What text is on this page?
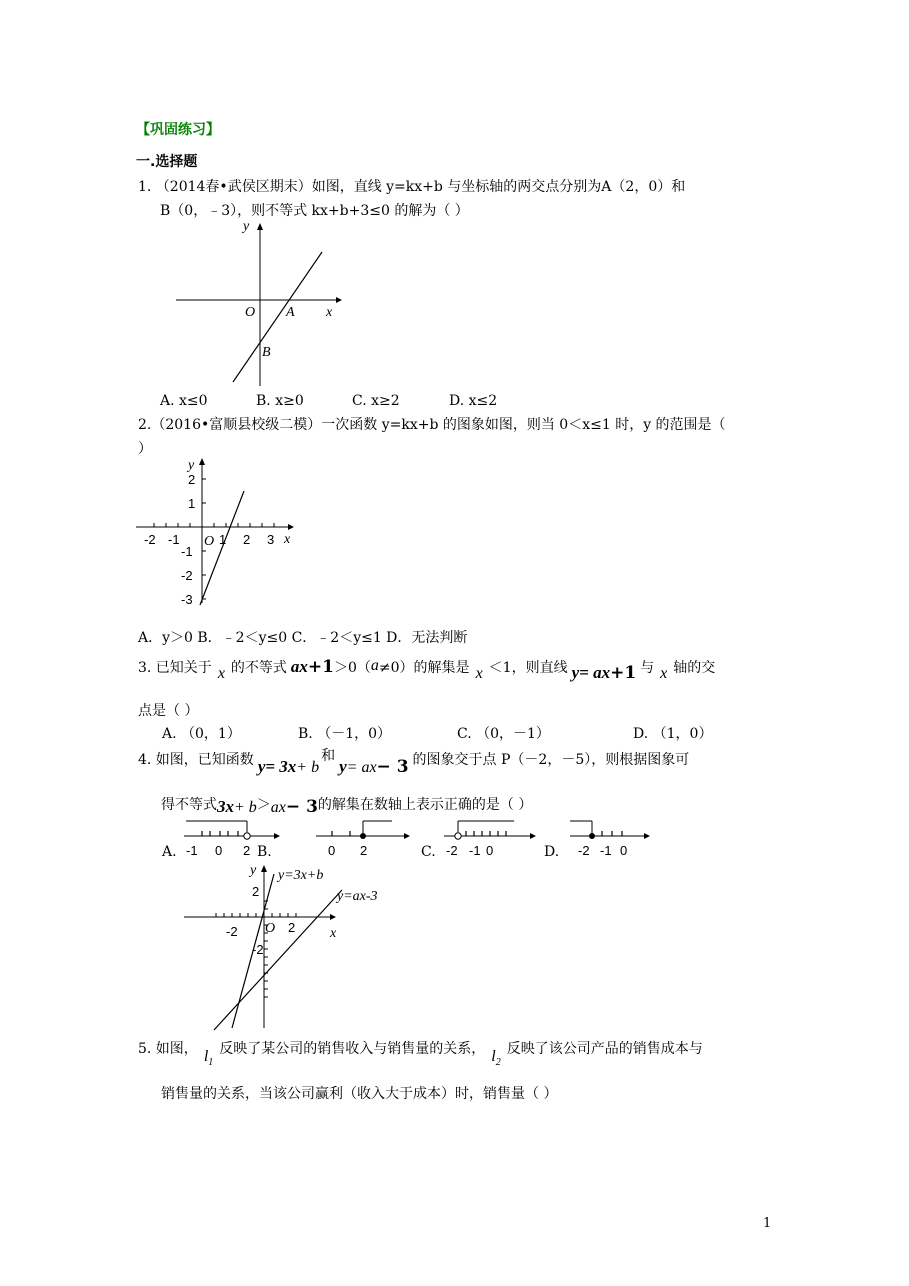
【巩固练习】
一.选择题
1. （2014春•武侯区期末）如图，直线 y=kx+b 与坐标轴的两交点分别为A（2，0）和
B（0，﹣3），则不等式 kx+b+3≤0 的解为（ ）
y
x
O A
B
A. x≤0	B. x≥0	C. x≥2	D. x≤2
2.（2016•富顺县校级二模）一次函数 y=kx+b 的图象如图，则当 0＜x≤1 时，y 的范围是（
）
y
x
O
-2 -1	1 2 3
2
1
-1
-2
-3
A．y＞0 B．﹣2＜y≤0 C．﹣2＜y≤1 D．无法判断
3. 已知关于 x 的不等式 ax+1＞0（a≠0）的解集是 x ＜1，则直线 y= ax+1 与 x 轴的交
点是（ ）
A. （0，1）	B. （－1，0）	C. （0，－1）	D. （1，0）
4. 如图，已知函数 y= 3x+ b和y= ax− 3 的图象交于点 P（－2，－5），则根据图象可
得不等式3x+ b＞ax− 3的解集在数轴上表示正确的是（ ）
A. -1 0 2 B.	0 2	C. -2 -1 0	D. -2 -1 0
y
x
O
2
-2	2
-2
y=3x+b
y=ax-3
5. 如图， $l_1$反映了某公司的销售收入与销售量的关系， $l_2$反映了该公司产品的销售成本与
销售量的关系，当该公司赢利（收入大于成本）时，销售量（ ）
1
